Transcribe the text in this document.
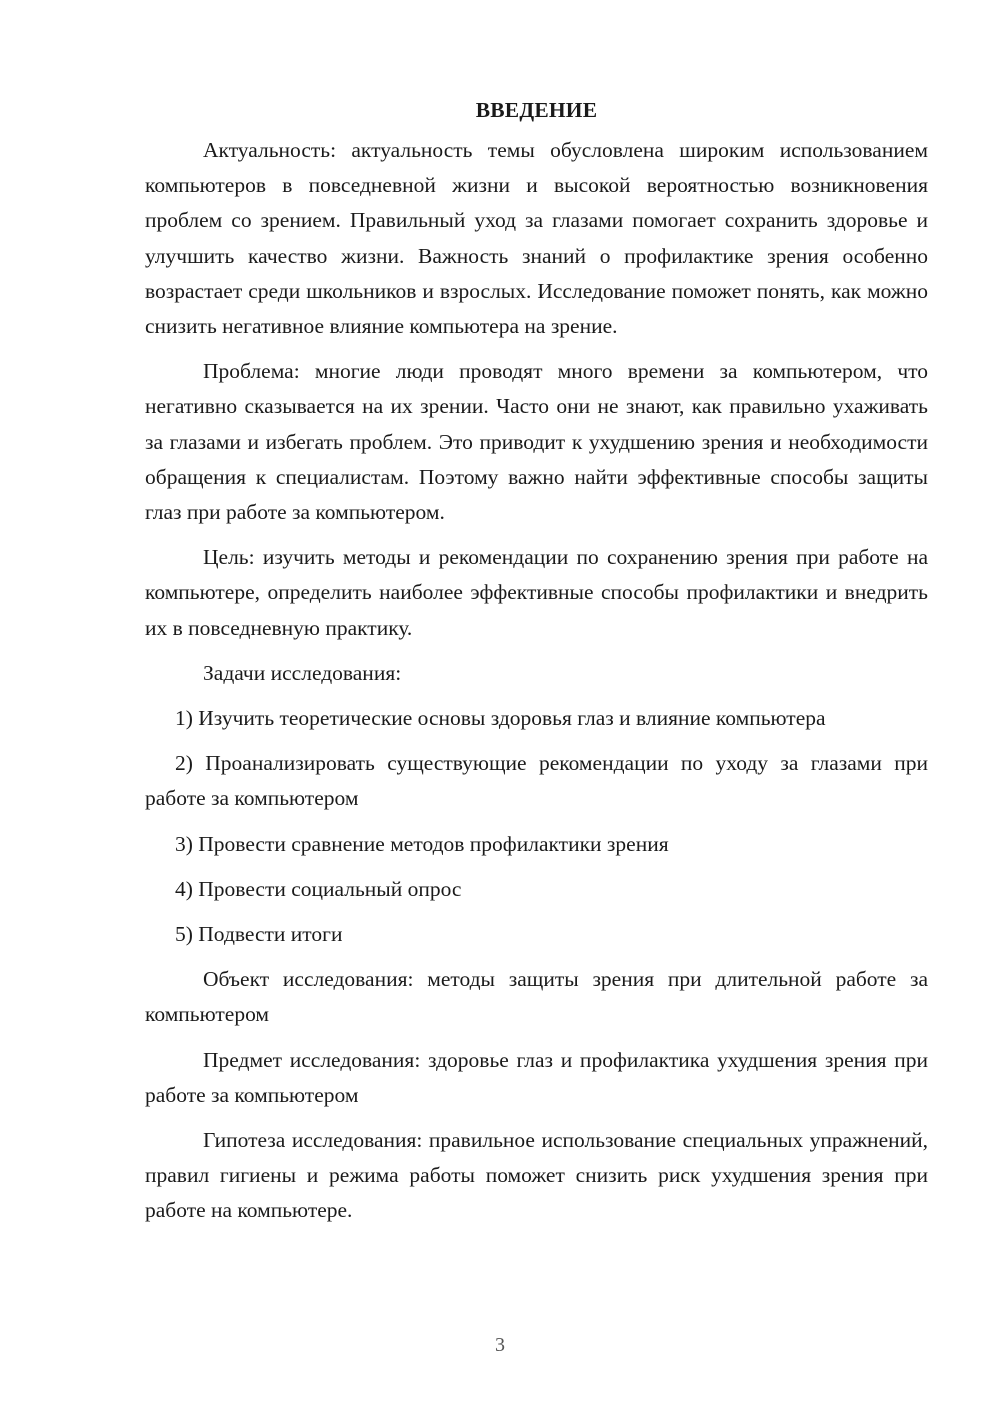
ВВЕДЕНИЕ

Актуальность: актуальность темы обусловлена широким использованием компьютеров в повседневной жизни и высокой вероятностью возникновения проблем со зрением. Правильный уход за глазами помогает сохранить здоровье и улучшить качество жизни. Важность знаний о профилактике зрения особенно возрастает среди школьников и взрослых. Исследование поможет понять, как можно снизить негативное влияние компьютера на зрение.

Проблема: многие люди проводят много времени за компьютером, что негативно сказывается на их зрении. Часто они не знают, как правильно ухаживать за глазами и избегать проблем. Это приводит к ухудшению зрения и необходимости обращения к специалистам. Поэтому важно найти эффективные способы защиты глаз при работе за компьютером.

Цель: изучить методы и рекомендации по сохранению зрения при работе на компьютере, определить наиболее эффективные способы профилактики и внедрить их в повседневную практику.

Задачи исследования:

1) Изучить теоретические основы здоровья глаз и влияние компьютера

2) Проанализировать существующие рекомендации по уходу за глазами при работе за компьютером

3) Провести сравнение методов профилактики зрения

4) Провести социальный опрос

5) Подвести итоги

Объект исследования: методы защиты зрения при длительной работе за компьютером

Предмет исследования: здоровье глаз и профилактика ухудшения зрения при работе за компьютером

Гипотеза исследования: правильное использование специальных упражнений, правил гигиены и режима работы поможет снизить риск ухудшения зрения при работе на компьютере.

3
